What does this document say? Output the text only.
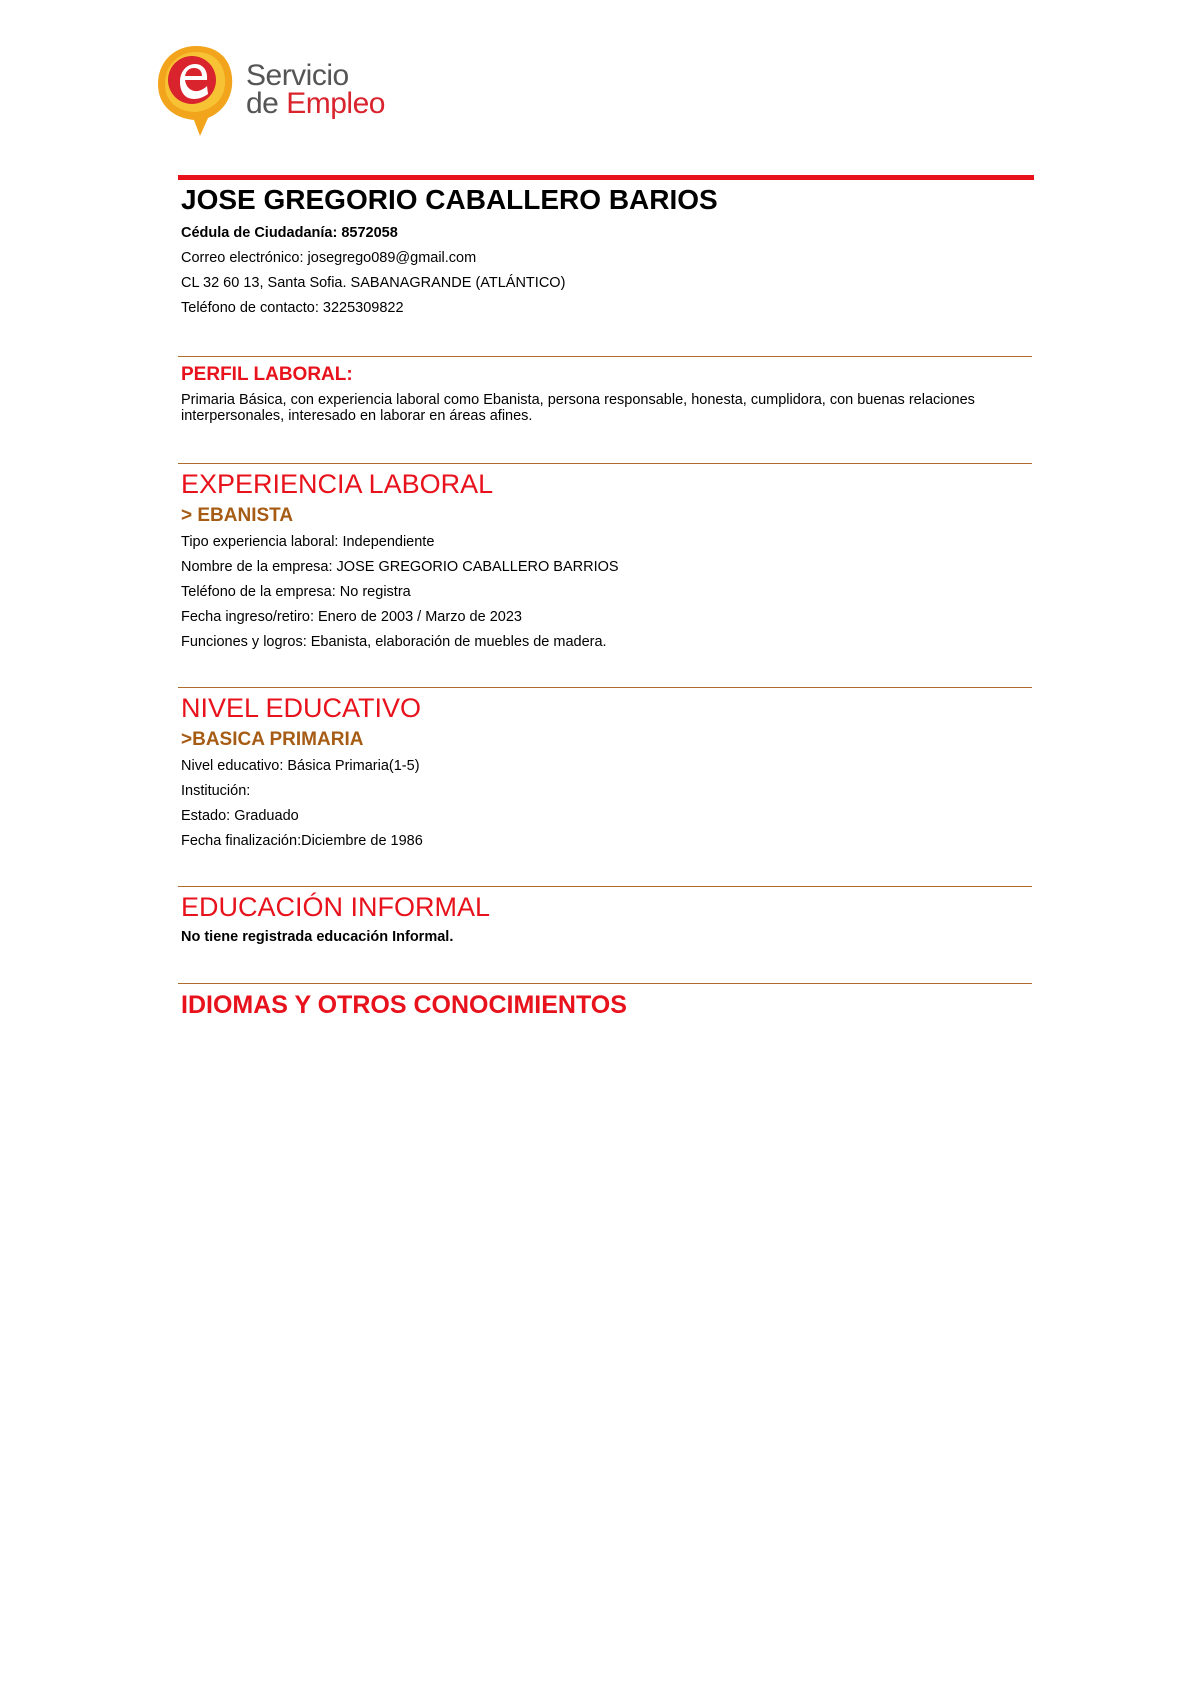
Servicio
de Empleo
JOSE GREGORIO CABALLERO BARIOS
Cédula de Ciudadanía: 8572058
Correo electrónico: josegrego089@gmail.com
CL 32 60 13, Santa Sofia. SABANAGRANDE (ATLÁNTICO)
Teléfono de contacto: 3225309822
PERFIL LABORAL:

Primaria Básica, con experiencia laboral como Ebanista, persona responsable, honesta, cumplidora, con buenas relaciones interpersonales, interesado en laborar en áreas afines.

EXPERIENCIA LABORAL
> EBANISTA
Tipo experiencia laboral: Independiente
Nombre de la empresa: JOSE GREGORIO CABALLERO BARRIOS
Teléfono de la empresa: No registra
Fecha ingreso/retiro: Enero de 2003 / Marzo de 2023
Funciones y logros: Ebanista, elaboración de muebles de madera.
NIVEL EDUCATIVO
>BASICA PRIMARIA
Nivel educativo: Básica Primaria(1-5)
Institución:
Estado: Graduado
Fecha finalización:Diciembre de 1986
EDUCACIÓN INFORMAL
No tiene registrada educación Informal.
IDIOMAS Y OTROS CONOCIMIENTOS
